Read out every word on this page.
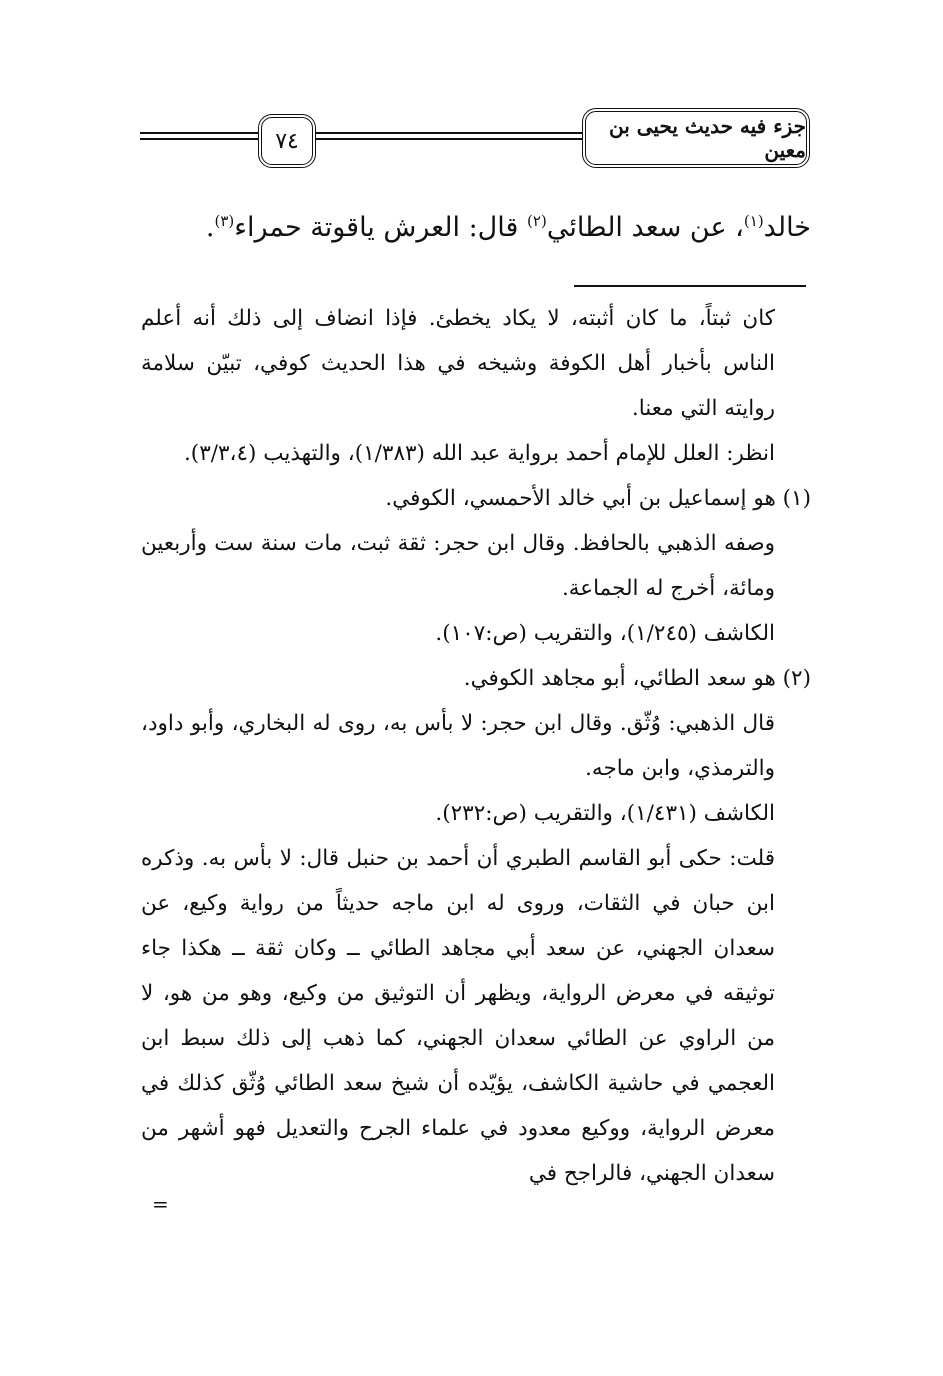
٧٤
جزء فيه حديث يحيى بن معين
خالد$^{(١)}$، عن سعد الطائي$^{(٢)}$ قال: العرش ياقوتة حمراء$^{(٣)}$.

كان ثبتاً، ما كان أثبته، لا يكاد يخطئ. فإذا انضاف إلى ذلك أنه أعلم الناس بأخبار أهل الكوفة وشيخه في هذا الحديث كوفي، تبيّن سلامة روايته التي معنا.

انظر: العلل للإمام أحمد برواية عبد الله (١/٣٨٣)، والتهذيب (٣/٣،٤).

(١) هو إسماعيل بن أبي خالد الأحمسي، الكوفي.

وصفه الذهبي بالحافظ. وقال ابن حجر: ثقة ثبت، مات سنة ست وأربعين ومائة، أخرج له الجماعة.

الكاشف (١/٢٤٥)، والتقريب (ص:١٠٧).

(٢) هو سعد الطائي، أبو مجاهد الكوفي.

قال الذهبي: وُثّق. وقال ابن حجر: لا بأس به، روى له البخاري، وأبو داود، والترمذي، وابن ماجه.

الكاشف (١/٤٣١)، والتقريب (ص:٢٣٢).

قلت: حكى أبو القاسم الطبري أن أحمد بن حنبل قال: لا بأس به. وذكره ابن حبان في الثقات، وروى له ابن ماجه حديثاً من رواية وكيع، عن سعدان الجهني، عن سعد أبي مجاهد الطائي ــ وكان ثقة ــ هكذا جاء توثيقه في معرض الرواية، ويظهر أن التوثيق من وكيع، وهو من هو، لا من الراوي عن الطائي سعدان الجهني، كما ذهب إلى ذلك سبط ابن العجمي في حاشية الكاشف، يؤيّده أن شيخ سعد الطائي وُثّق كذلك في معرض الرواية، ووكيع معدود في علماء الجرح والتعديل فهو أشهر من سعدان الجهني، فالراجح في

=
